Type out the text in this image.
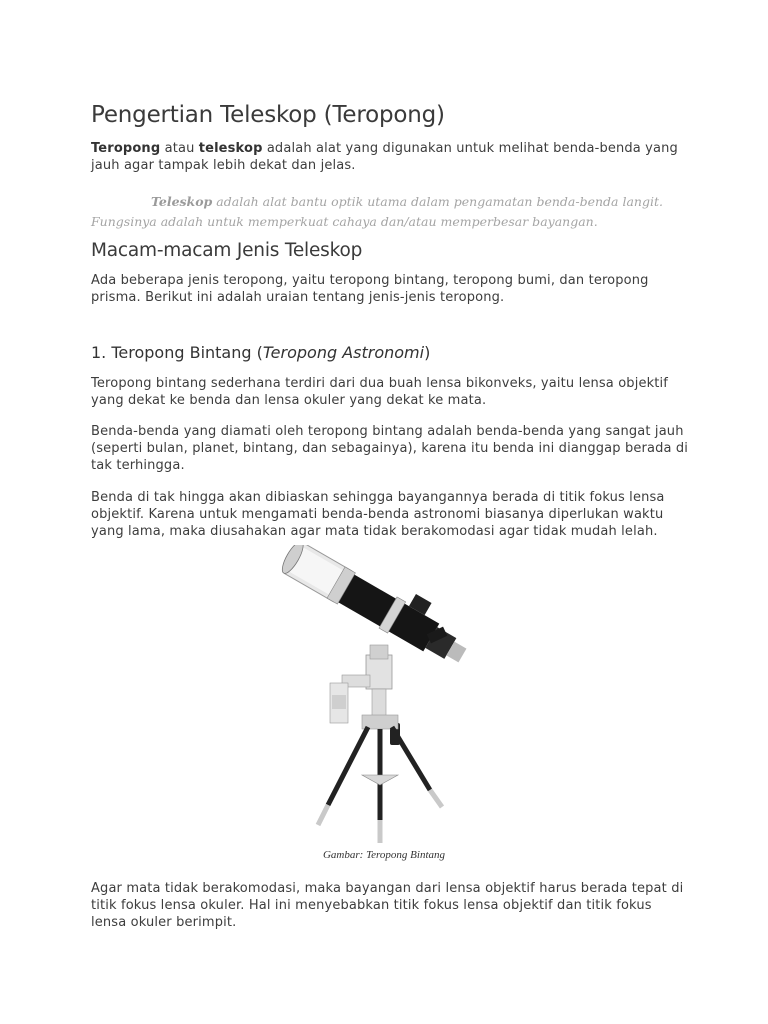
Pengertian Teleskop (Teropong)
Teropong atau teleskop adalah alat yang digunakan untuk melihat benda-benda yang jauh agar tampak lebih dekat dan jelas.
Teleskop adalah alat bantu optik utama dalam pengamatan benda-benda langit. Fungsinya adalah untuk memperkuat cahaya dan/atau memperbesar bayangan.
Macam-macam Jenis Teleskop
Ada beberapa jenis teropong, yaitu teropong bintang, teropong bumi, dan teropong prisma. Berikut ini adalah uraian tentang jenis-jenis teropong.
1. Teropong Bintang (Teropong Astronomi)
Teropong bintang sederhana terdiri dari dua buah lensa bikonveks, yaitu lensa objektif yang dekat ke benda dan lensa okuler yang dekat ke mata.
Benda-benda yang diamati oleh teropong bintang adalah benda-benda yang sangat jauh (seperti bulan, planet, bintang, dan sebagainya), karena itu benda ini dianggap berada di tak terhingga.
Benda di tak hingga akan dibiaskan sehingga bayangannya berada di titik fokus lensa objektif. Karena untuk mengamati benda-benda astronomi biasanya diperlukan waktu yang lama, maka diusahakan agar mata tidak berakomodasi agar tidak mudah lelah.
Gambar: Teropong Bintang
Agar mata tidak berakomodasi, maka bayangan dari lensa objektif harus berada tepat di titik fokus lensa okuler. Hal ini menyebabkan titik fokus lensa objektif dan titik fokus lensa okuler berimpit.
